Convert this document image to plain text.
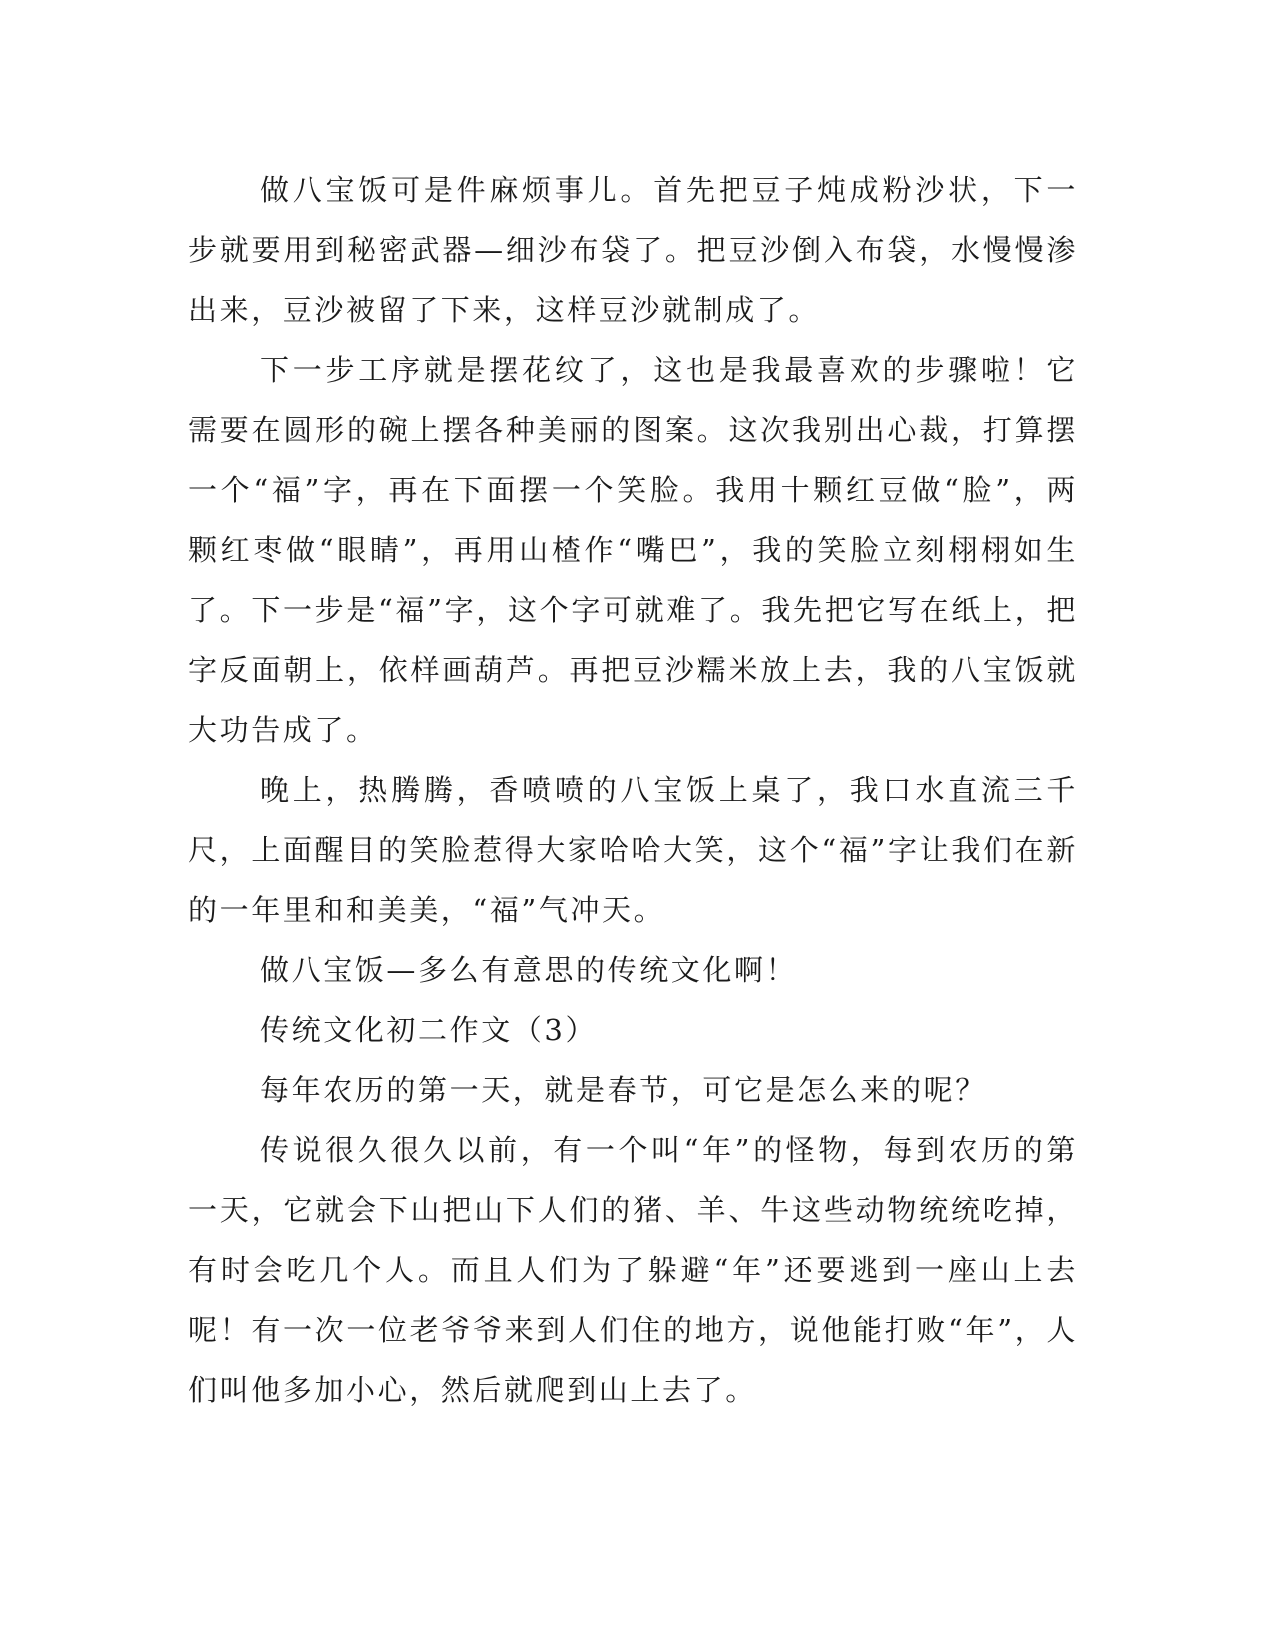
做八宝饭可是件麻烦事儿。首先把豆子炖成粉沙状，下一步就要用到秘密武器—细沙布袋了。把豆沙倒入布袋，水慢慢渗出来，豆沙被留了下来，这样豆沙就制成了。

下一步工序就是摆花纹了，这也是我最喜欢的步骤啦！它需要在圆形的碗上摆各种美丽的图案。这次我别出心裁，打算摆一个“福”字，再在下面摆一个笑脸。我用十颗红豆做“脸”，两颗红枣做“眼睛”，再用山楂作“嘴巴”，我的笑脸立刻栩栩如生了。下一步是“福”字，这个字可就难了。我先把它写在纸上，把字反面朝上，依样画葫芦。再把豆沙糯米放上去，我的八宝饭就大功告成了。

晚上，热腾腾，香喷喷的八宝饭上桌了，我口水直流三千尺，上面醒目的笑脸惹得大家哈哈大笑，这个“福”字让我们在新的一年里和和美美，“福”气冲天。

做八宝饭—多么有意思的传统文化啊！

传统文化初二作文（3）

每年农历的第一天，就是春节，可它是怎么来的呢？

传说很久很久以前，有一个叫“年”的怪物，每到农历的第一天，它就会下山把山下人们的猪、羊、牛这些动物统统吃掉，有时会吃几个人。而且人们为了躲避“年”还要逃到一座山上去呢！有一次一位老爷爷来到人们住的地方，说他能打败“年”，人们叫他多加小心，然后就爬到山上去了。
